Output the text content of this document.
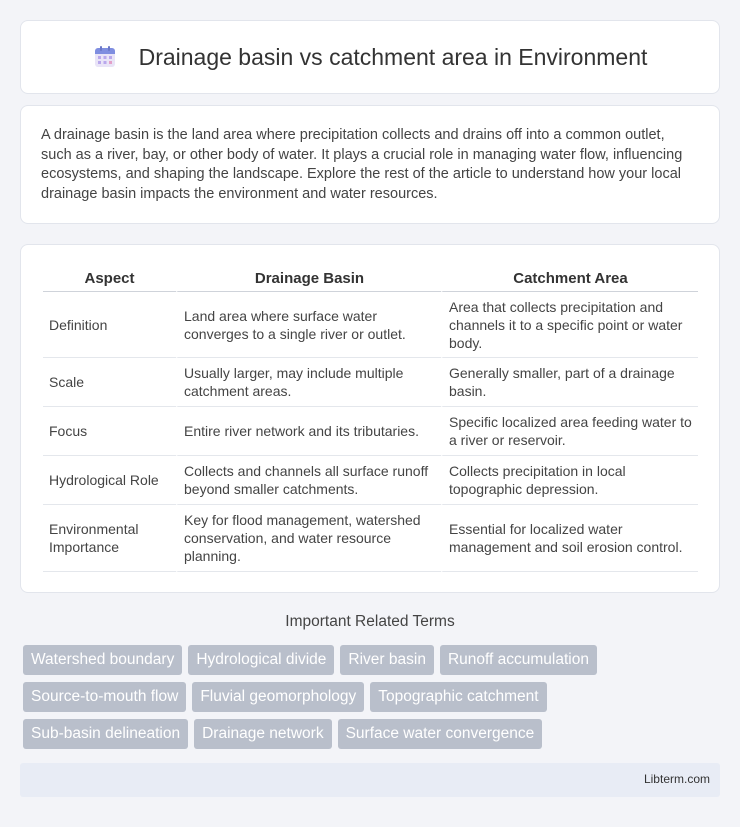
Drainage basin vs catchment area in Environment

A drainage basin is the land area where precipitation collects and drains off into a common outlet, such as a river, bay, or other body of water. It plays a crucial role in managing water flow, influencing ecosystems, and shaping the landscape. Explore the rest of the article to understand how your local drainage basin impacts the environment and water resources.

Aspect	Drainage Basin	Catchment Area
Definition	Land area where surface water converges to a single river or outlet.	Area that collects precipitation and channels it to a specific point or water body.
Scale	Usually larger, may include multiple catchment areas.	Generally smaller, part of a drainage basin.
Focus	Entire river network and its tributaries.	Specific localized area feeding water to a river or reservoir.
Hydrological Role	Collects and channels all surface runoff beyond smaller catchments.	Collects precipitation in local topographic depression.
Environmental Importance	Key for flood management, watershed conservation, and water resource planning.	Essential for localized water management and soil erosion control.
Important Related Terms
Watershed boundary	Hydrological divide	River basin	Runoff accumulation
Source-to-mouth flow	Fluvial geomorphology	Topographic catchment
Sub-basin delineation	Drainage network	Surface water convergence
Libterm.com
